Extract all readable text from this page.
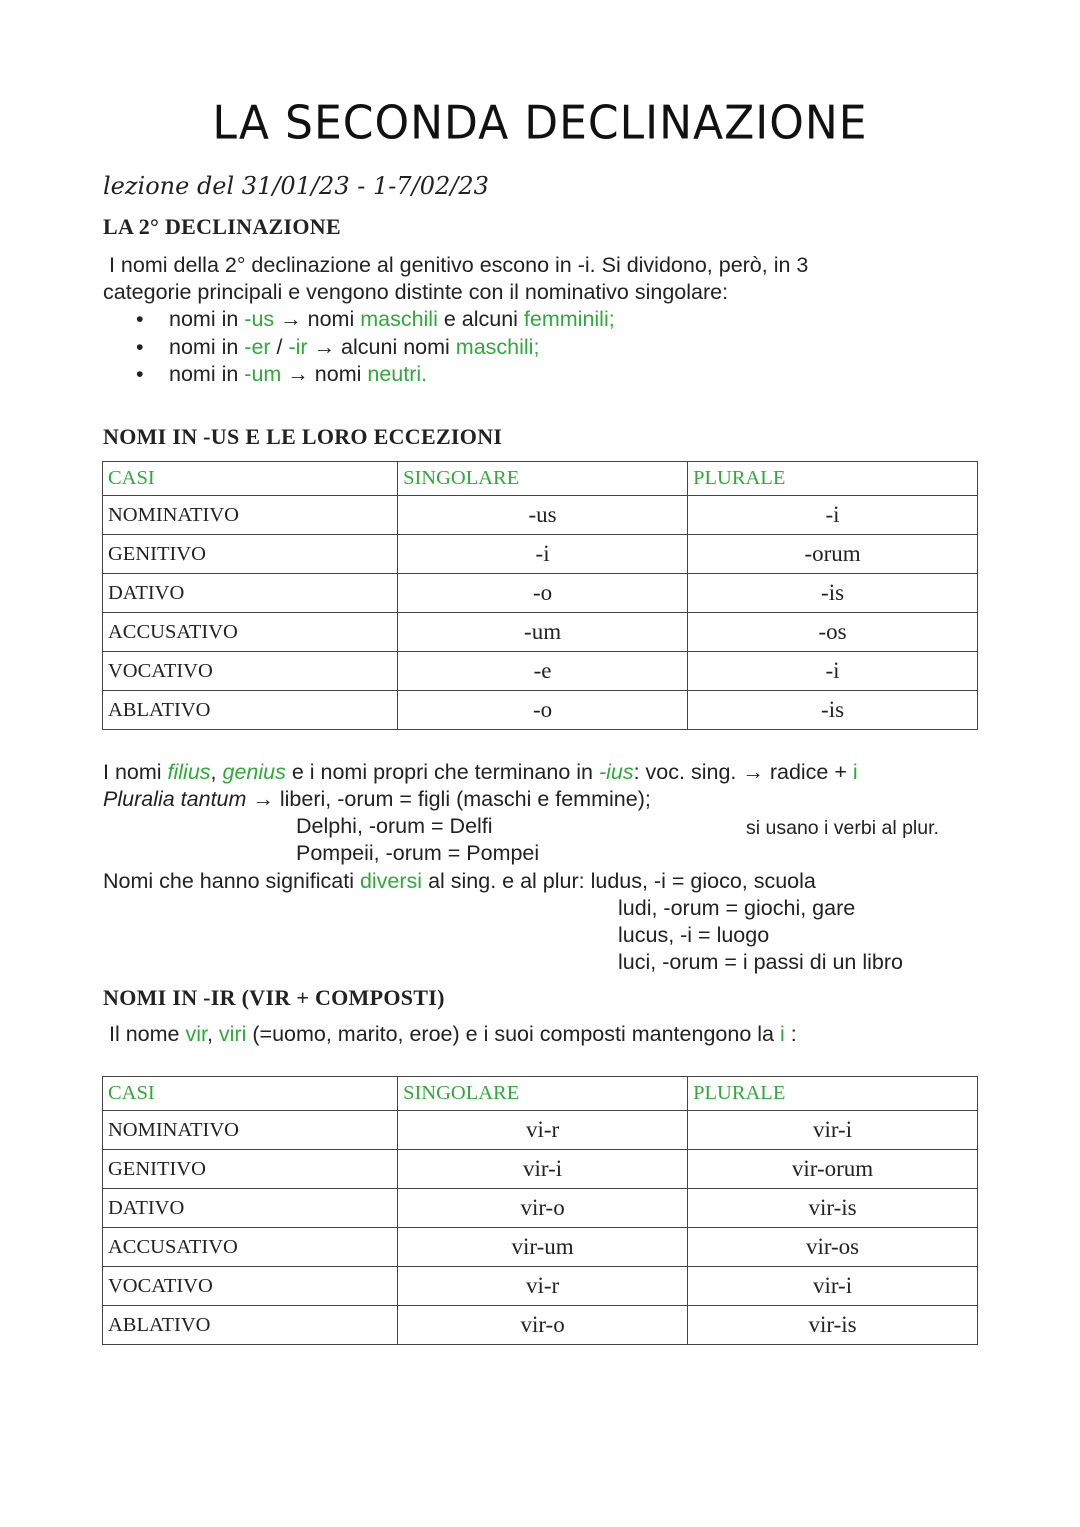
LA SECONDA DECLINAZIONE
lezione del 31/01/23 - 1-7/02/23
LA 2° DECLINAZIONE
I nomi della 2° declinazione al genitivo escono in -i. Si dividono, però, in 3
categorie principali e vengono distinte con il nominativo singolare:
• nomi in -us → nomi maschili e alcuni femminili;
• nomi in -er / -ir → alcuni nomi maschili;
• nomi in -um → nomi neutri.
NOMI IN -US E LE LORO ECCEZIONI
CASI	SINGOLARE	PLURALE
NOMINATIVO	-us	-i
GENITIVO	-i	-orum
DATIVO	-o	-is
ACCUSATIVO	-um	-os
VOCATIVO	-e	-i
ABLATIVO	-o	-is
I nomi filius, genius e i nomi propri che terminano in -ius: voc. sing. → radice + i
Pluralia tantum → liberi, -orum = figli (maschi e femmine);
Delphi, -orum = Delfi	si usano i verbi al plur.
Pompeii, -orum = Pompei
Nomi che hanno significati diversi al sing. e al plur: ludus, -i = gioco, scuola
ludi, -orum = giochi, gare
lucus, -i = luogo
luci, -orum = i passi di un libro
NOMI IN -IR (VIR + COMPOSTI)
Il nome vir, viri (=uomo, marito, eroe) e i suoi composti mantengono la i :
CASI	SINGOLARE	PLURALE
NOMINATIVO	vi-r	vir-i
GENITIVO	vir-i	vir-orum
DATIVO	vir-o	vir-is
ACCUSATIVO	vir-um	vir-os
VOCATIVO	vi-r	vir-i
ABLATIVO	vir-o	vir-is
